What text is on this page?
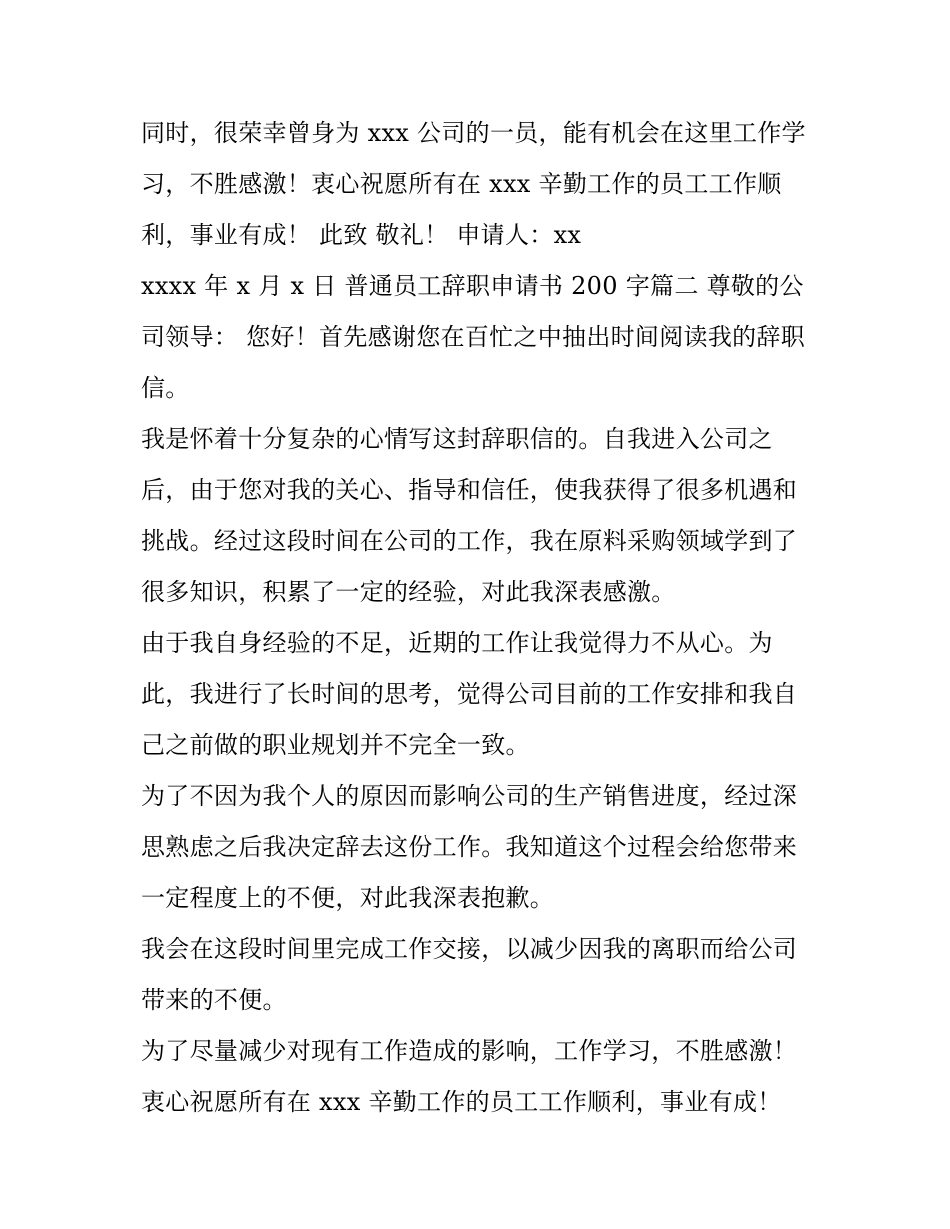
同时，很荣幸曾身为 xxx 公司的一员，能有机会在这里工作学习，不胜感激！衷心祝愿所有在 xxx 辛勤工作的员工工作顺利，事业有成！ 此致 敬礼！ 申请人：xx

xxxx 年 x 月 x 日 普通员工辞职申请书 200 字篇二 尊敬的公司领导： 您好！首先感谢您在百忙之中抽出时间阅读我的辞职信。

我是怀着十分复杂的心情写这封辞职信的。自我进入公司之后，由于您对我的关心、指导和信任，使我获得了很多机遇和挑战。经过这段时间在公司的工作，我在原料采购领域学到了很多知识，积累了一定的经验，对此我深表感激。

由于我自身经验的不足，近期的工作让我觉得力不从心。为此，我进行了长时间的思考，觉得公司目前的工作安排和我自己之前做的职业规划并不完全一致。

为了不因为我个人的原因而影响公司的生产销售进度，经过深思熟虑之后我决定辞去这份工作。我知道这个过程会给您带来一定程度上的不便，对此我深表抱歉。

我会在这段时间里完成工作交接，以减少因我的离职而给公司带来的不便。

为了尽量减少对现有工作造成的影响，工作学习，不胜感激！衷心祝愿所有在 xxx 辛勤工作的员工工作顺利，事业有成！
